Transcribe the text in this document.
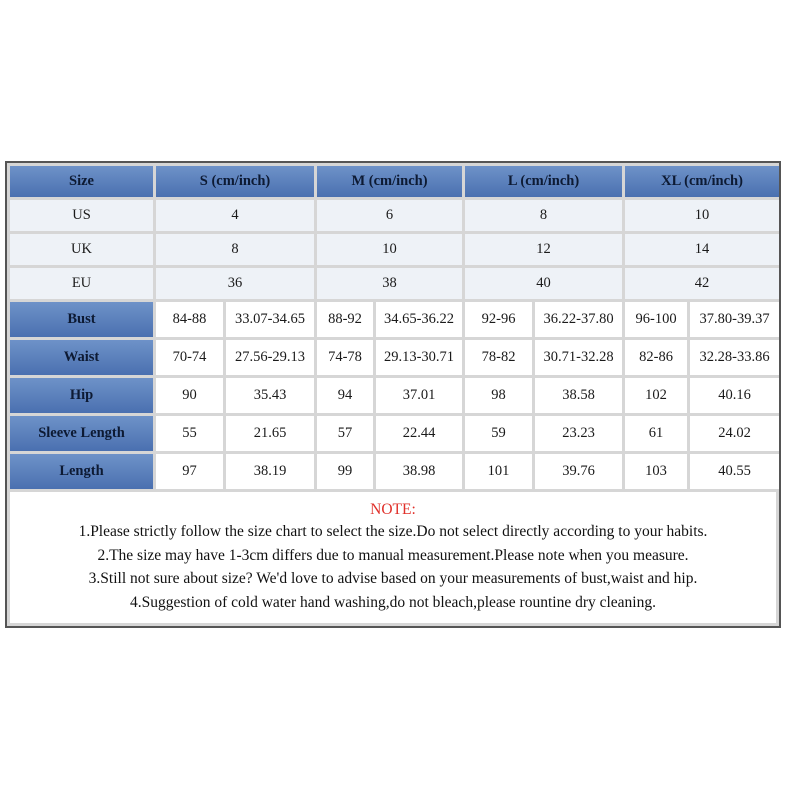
Size	S (cm/inch)		M (cm/inch)		L (cm/inch)		XL (cm/inch)	
US	4		6		8		10	
UK	8		10		12		14	
EU	36		38		40		42	
Bust	84-88	33.07-34.65	88-92	34.65-36.22	92-96	36.22-37.80	96-100	37.80-39.37
Waist	70-74	27.56-29.13	74-78	29.13-30.71	78-82	30.71-32.28	82-86	32.28-33.86
Hip	90	35.43	94	37.01	98	38.58	102	40.16
Sleeve Length	55	21.65	57	22.44	59	23.23	61	24.02
Length	97	38.19	99	38.98	101	39.76	103	40.55
NOTE:
1.Please strictly follow the size chart to select the size.Do not select directly according to your habits.
2.The size may have 1-3cm differs due to manual measurement.Please note when you measure.
3.Still not sure about size? We'd love to advise based on your measurements of bust,waist and hip.
4.Suggestion of cold water hand washing,do not bleach,please rountine dry cleaning.
